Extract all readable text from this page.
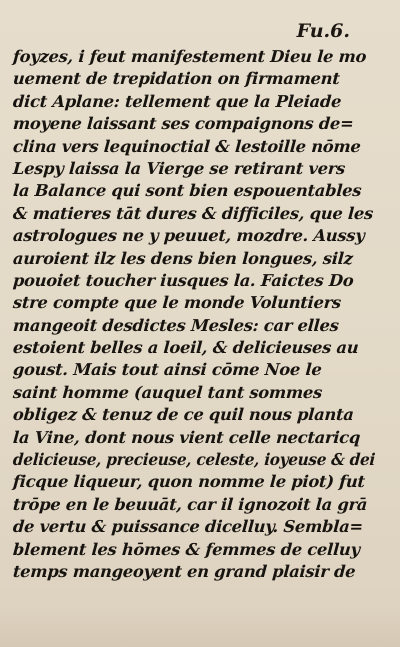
Fu.6.
foyzes, i feut manifestement Dieu le mo
uement de trepidation on firmament
dict Aplane: tellement que la Pleiade
moyene laissant ses compaignons de=
clina vers lequinoctial & lestoille nōme
Lespy laissa la Vierge se retirant vers
la Balance qui sont bien espouentables
& matieres tāt dures & difficiles, que les
astrologues ne y peuuet, mozdre. Aussy
auroient ilz les dens bien longues, silz
pouoiet toucher iusques la. Faictes Do
stre compte que le monde Voluntiers
mangeoit desdictes Mesles: car elles
estoient belles a loeil, & delicieuses au
goust. Mais tout ainsi cōme Noe le
saint homme (auquel tant sommes
obligez & tenuz de ce quil nous planta
la Vine, dont nous vient celle nectaricq
delicieuse, precieuse, celeste, ioyeuse & dei
ficque liqueur, quon nomme le piot) fut
trōpe en le beuuāt, car il ignozoit la grā
de vertu & puissance dicelluy. Sembla=
blement les hōmes & femmes de celluy
temps mangeoyent en grand plaisir de
